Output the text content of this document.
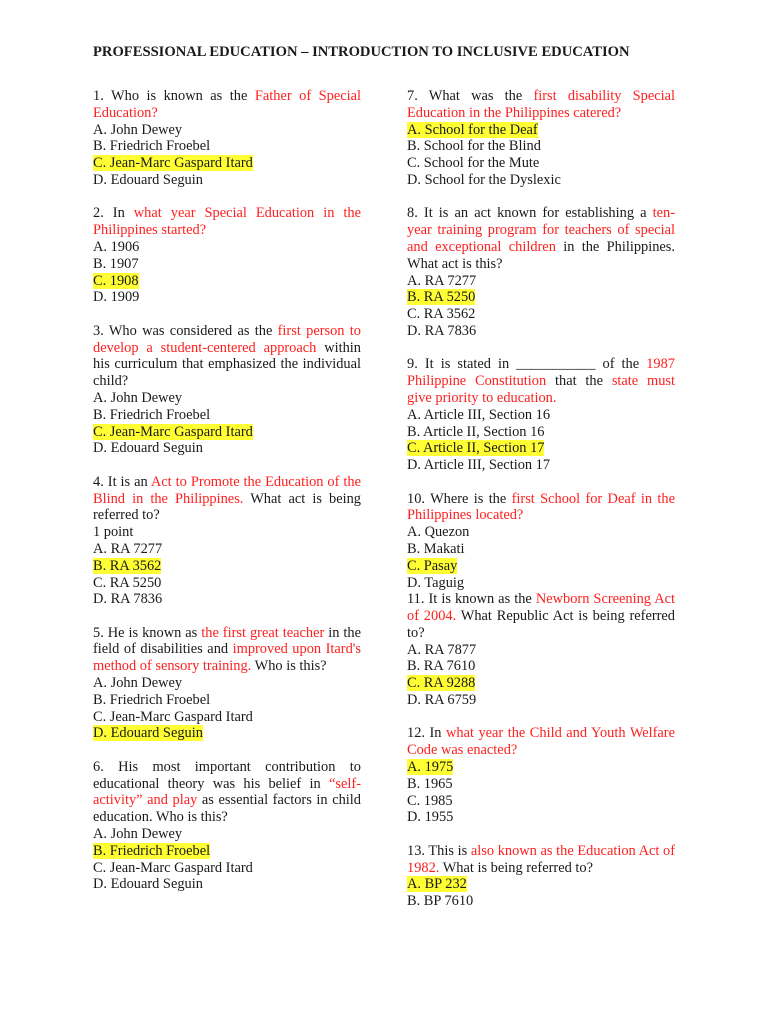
PROFESSIONAL EDUCATION – INTRODUCTION TO INCLUSIVE EDUCATION
1. Who is known as the Father of Special Education?
A. John Dewey
B. Friedrich Froebel
C. Jean-Marc Gaspard Itard
D. Edouard Seguin
2. In what year Special Education in the Philippines started?
A. 1906
B. 1907
C. 1908
D. 1909
3. Who was considered as the first person to develop a student-centered approach within his curriculum that emphasized the individual child?
A. John Dewey
B. Friedrich Froebel
C. Jean-Marc Gaspard Itard
D. Edouard Seguin
4. It is an Act to Promote the Education of the Blind in the Philippines. What act is being referred to?
1 point
A. RA 7277
B. RA 3562
C. RA 5250
D. RA 7836
5. He is known as the first great teacher in the field of disabilities and improved upon Itard's method of sensory training. Who is this?
A. John Dewey
B. Friedrich Froebel
C. Jean-Marc Gaspard Itard
D. Edouard Seguin
6. His most important contribution to educational theory was his belief in “self-activity” and play as essential factors in child education. Who is this?
A. John Dewey
B. Friedrich Froebel
C. Jean-Marc Gaspard Itard
D. Edouard Seguin
7. What was the first disability Special Education in the Philippines catered?
A. School for the Deaf
B. School for the Blind
C. School for the Mute
D. School for the Dyslexic
8. It is an act known for establishing a ten-year training program for teachers of special and exceptional children in the Philippines. What act is this?
A. RA 7277
B. RA 5250
C. RA 3562
D. RA 7836
9. It is stated in ___________ of the 1987 Philippine Constitution that the state must give priority to education.
A. Article III, Section 16
B. Article II, Section 16
C. Article II, Section 17
D. Article III, Section 17
10. Where is the first School for Deaf in the Philippines located?
A. Quezon
B. Makati
C. Pasay
D. Taguig
11. It is known as the Newborn Screening Act of 2004. What Republic Act is being referred to?
A. RA 7877
B. RA 7610
C. RA 9288
D. RA 6759
12. In what year the Child and Youth Welfare Code was enacted?
A. 1975
B. 1965
C. 1985
D. 1955
13. This is also known as the Education Act of 1982. What is being referred to?
A. BP 232
B. BP 7610
